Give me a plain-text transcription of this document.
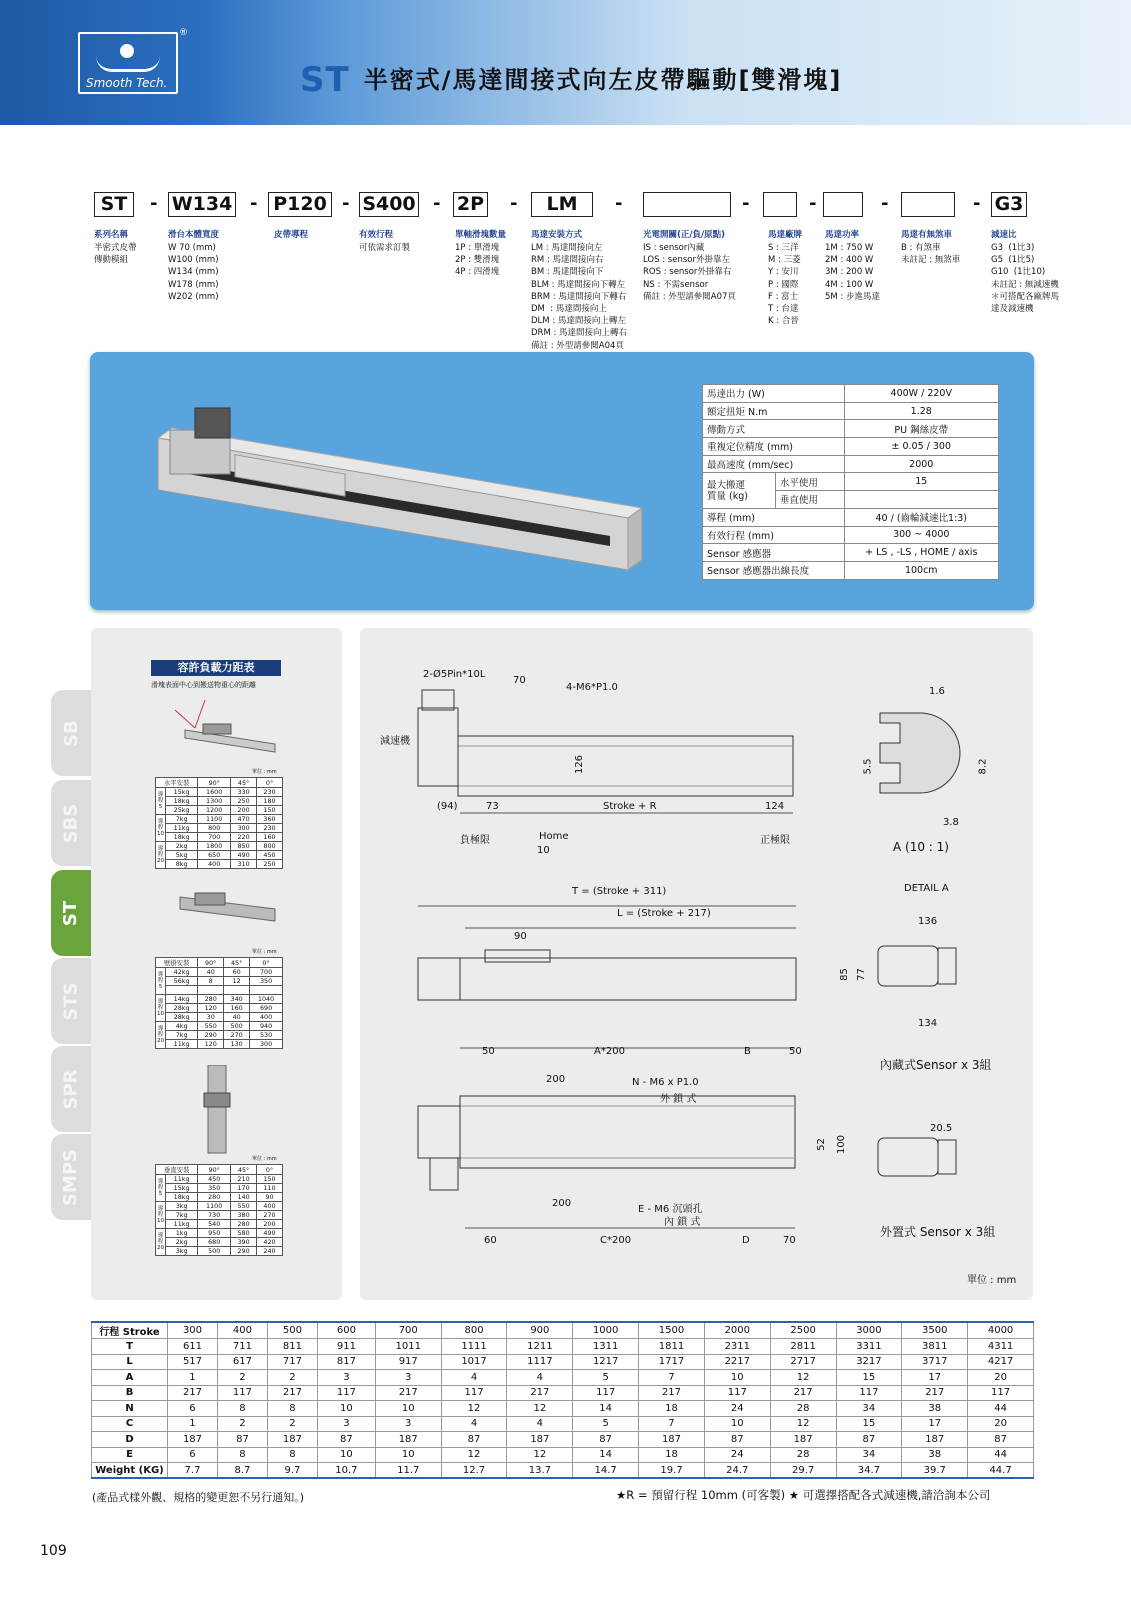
Smooth Tech.
®
ST 半密式/馬達間接式向左皮帶驅動[雙滑塊]
ST	W134 P120 S400 2P	LM	G3
-	-	-	-	-	-	-	-	-	-
系列名稱
半密式皮帶
傳動模組
滑台本體寬度
W 70 (mm)
W100 (mm)
W134 (mm)
W178 (mm)
W202 (mm)
皮帶導程	有效行程
可依需求訂製
單軸滑塊數量
1P : 單滑塊
2P : 雙滑塊
4P : 四滑塊
馬達安裝方式
LM : 馬達間接向左
RM : 馬達間接向右
BM : 馬達間接向下
BLM : 馬達間接向下轉左
BRM : 馬達間接向下轉右
DM  : 馬達間接向上
DLM : 馬達間接向上轉左
DRM : 馬達間接向上轉右
備註 : 外型請參閱A04頁
光電開關(正/負/原點)
IS : sensor內藏
LOS : sensor外掛靠左
ROS : sensor外掛靠右
NS : 不需sensor
備註 : 外型請參閱A07頁
馬達廠牌
S : 三洋
M : 三菱
Y : 安川
P : 國際
F : 富士
T : 台達
K : 合晉
馬達功率
1M : 750 W
2M : 400 W
3M : 200 W
4M : 100 W
5M : 步進馬達
馬達有無煞車
B : 有煞車
未註記 : 無煞車
減速比
G3  (1比3)
G5  (1比5)
G10  (1比10)
未註記 : 無減速機
＊可搭配各廠牌馬
達及減速機
馬達出力 (W)		400W / 220V
額定扭矩 N.m		1.28
傳動方式		PU 鋼絲皮帶
重複定位精度 (mm)		± 0.05 / 300
最高速度 (mm/sec)		2000
最大搬運
質量 (kg)	水平使用	15
	垂直使用	
導程 (mm)		40 / (齒輪減速比1:3)
有效行程 (mm)		300 ~ 4000
Sensor 感應器		+ LS , -LS , HOME / axis
Sensor 感應器出線長度		100cm
SB
SBS
ST
STS
SPR
SMPS
容許負載力距表
滑塊表面中心到搬送物重心的距離
單位 : mm
水平安裝		90°	45°	0°
導
程
5	15kg	1600	330	230
	18kg	1300	250	180
	25kg	1200	200	150
導
程
10	7kg	1100	470	360
	11kg	800	300	230
	18kg	700	220	160
導
程
20	2kg	1800	850	800
	5kg	650	490	450
	8kg	400	310	250
單位 : mm
壁掛安裝		90°	45°	0°
導
程
5	42kg	40	60	700
	56kg	8	12	350

導
程
10	14kg	280	340	1040
	28kg	120	160	690
	28kg	30	40	400
導
程
20	4kg	550	500	940
	7kg	290	270	530
	11kg	120	130	300
單位 : mm
垂直安裝		90°	45°	0°
導
程
5	11kg	450	210	150
	15kg	350	170	110
	18kg	280	140	90
導
程
10	3kg	1100	550	400
	7kg	730	380	270
	11kg	540	280	200
導
程
20	1kg	950	580	490
	2kg	680	390	420
	3kg	500	290	240
2-Ø5Pin*10L
70
4-M6*P1.0
減速機
126
(94)	73	Stroke + R	124
負極限	Home
10
正極限
1.6
5.5	8.2
3.8
A (10 : 1)
T = (Stroke + 311)
L = (Stroke + 217)
90
DETAIL A
136
85 77
134
內藏式Sensor x 3組
50	A*200	B	50
200	N - M6 x P1.0
外 鎖 式
52 100
20.5
200
E - M6 沉頭孔
內 鎖 式
60	C*200	D	70
外置式 Sensor x 3組
單位 : mm
行程 Stroke	300	400	500	600	700	800	900	1000	1500	2000	2500	3000	3500	4000
T	611	711	811	911	1011	1111	1211	1311	1811	2311	2811	3311	3811	4311
L	517	617	717	817	917	1017	1117	1217	1717	2217	2717	3217	3717	4217
A	1	2	2	3	3	4	4	5	7	10	12	15	17	20
B	217	117	217	117	217	117	217	117	217	117	217	117	217	117
N	6	8	8	10	10	12	12	14	18	24	28	34	38	44
C	1	2	2	3	3	4	4	5	7	10	12	15	17	20
D	187	87	187	87	187	87	187	87	187	87	187	87	187	87
E	6	8	8	10	10	12	12	14	18	24	28	34	38	44
Weight (KG)	7.7	8.7	9.7	10.7	11.7	12.7	13.7	14.7	19.7	24.7	29.7	34.7	39.7	44.7
(產品式樣外觀、規格的變更恕不另行通知。)	★R = 預留行程 10mm (可客製) ★ 可選擇搭配各式減速機,請洽詢本公司
109
